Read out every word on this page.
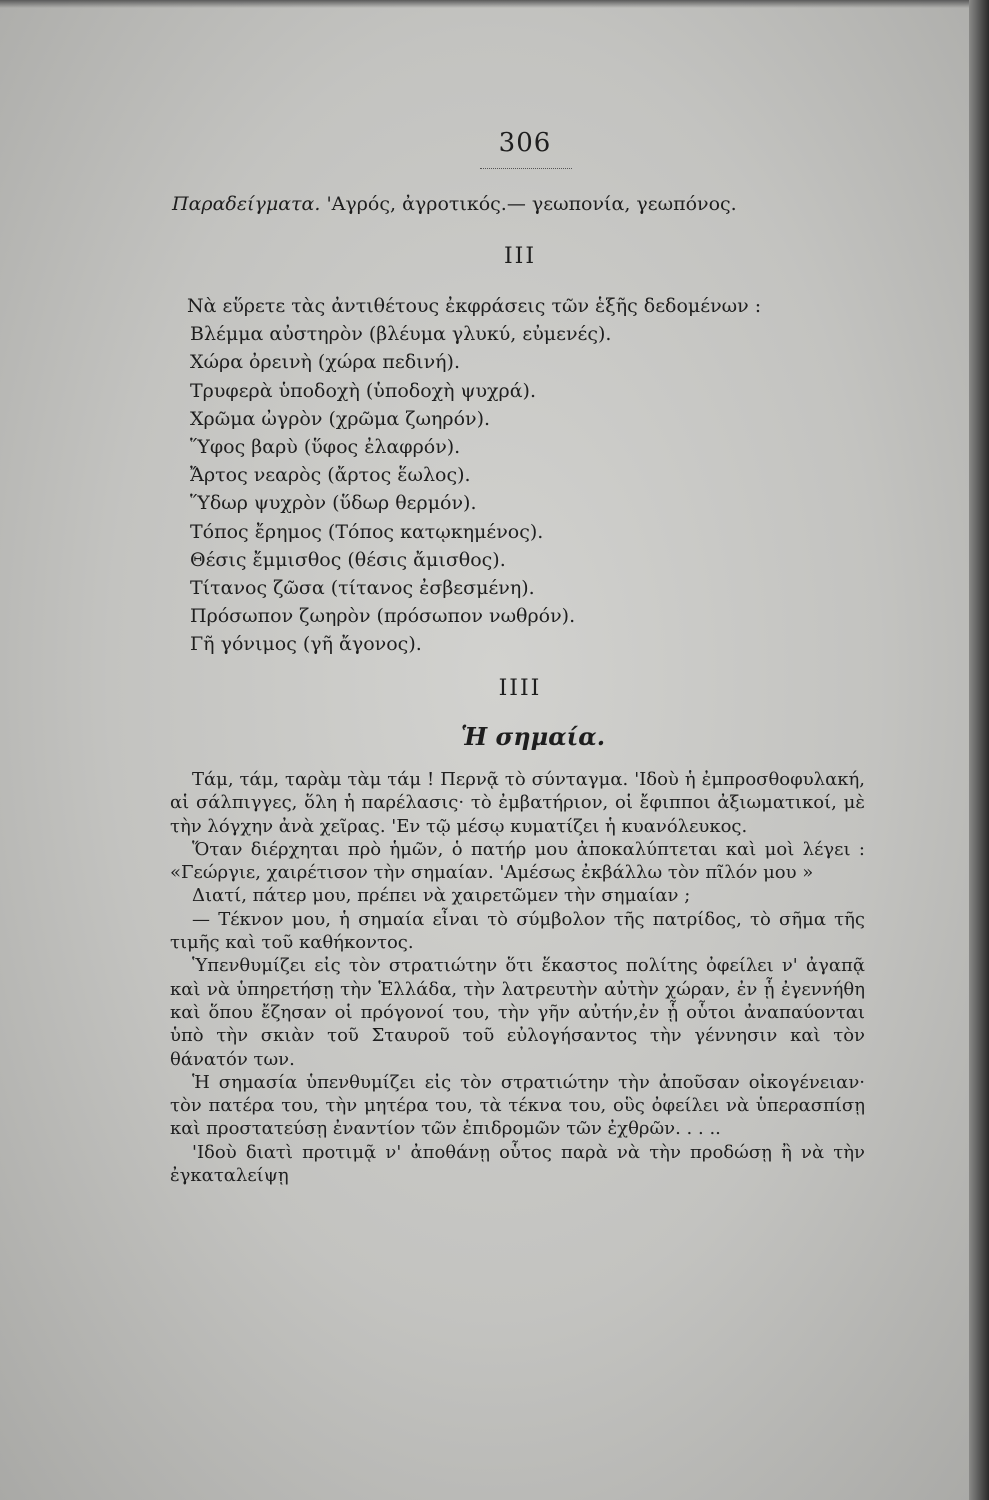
306
Παραδείγματα. 'Αγρός, ἀγροτικός.— γεωπονία, γεωπόνος.
III
Νὰ εὕρετε τὰς ἀντιθέτους ἐκφράσεις τῶν ἑξῆς δεδομένων :
Βλέμμα αὐστηρὸν (βλέυμα γλυκύ, εὐμενές).
Χώρα ὀρεινὴ (χώρα πεδινή).
Τρυφερὰ ὑποδοχὴ (ὑποδοχὴ ψυχρά).
Χρῶμα ὠγρὸν (χρῶμα ζωηρόν).
Ὕφος βαρὺ (ὕφος ἐλαφρόν).
Ἄρτος νεαρὸς (ἄρτος ἕωλος).
Ὕδωρ ψυχρὸν (ὕδωρ θερμόν).
Τόπος ἔρημος (Τόπος κατῳκημένος).
Θέσις ἔμμισθος (θέσις ἄμισθος).
Τίτανος ζῶσα (τίτανος ἐσβεσμένη).
Πρόσωπον ζωηρὸν (πρόσωπον νωθρόν).
Γῆ γόνιμος (γῆ ἄγονος).
IIII
Ἡ σημαία.

Τάμ, τάμ, ταρὰμ τὰμ τάμ ! Περνᾷ τὸ σύνταγμα. 'Ιδοὺ ἡ ἐμπροσθοφυλακή, αἱ σάλπιγγες, ὅλη ἡ παρέλασις· τὸ ἐμβατήριον, οἱ ἔφιπποι ἀξιωματικοί, μὲ τὴν λόγχην ἀνὰ χεῖρας. 'Εν τῷ μέσῳ κυματίζει ἡ κυανόλευκος.

Ὅταν διέρχηται πρὸ ἡμῶν, ὁ πατήρ μου ἀποκαλύπτεται καὶ μοὶ λέγει : «Γεώργιε, χαιρέτισον τὴν σημαίαν. 'Αμέσως ἐκβάλλω τὸν πῖλόν μου »

Διατί, πάτερ μου, πρέπει νὰ χαιρετῶμεν τὴν σημαίαν ;

— Τέκνον μου, ἡ σημαία εἶναι τὸ σύμβολον τῆς πατρίδος, τὸ σῆμα τῆς τιμῆς καὶ τοῦ καθήκοντος.

Ὑπενθυμίζει εἰς τὸν στρατιώτην ὅτι ἕκαστος πολίτης ὀφείλει ν' ἀγαπᾷ καὶ νὰ ὑπηρετήσῃ τὴν Ἑλλάδα, τὴν λατρευτὴν αὐτὴν χώραν, ἐν ᾗ ἐγεννήθη καὶ ὅπου ἔζησαν οἱ πρόγονοί του, τὴν γῆν αὐτήν,ἐν ᾗ οὗτοι ἀναπαύονται ὑπὸ τὴν σκιὰν τοῦ Σταυροῦ τοῦ εὐλογήσαντος τὴν γέννησιν καὶ τὸν θάνατόν των.

Ἡ σημασία ὑπενθυμίζει εἰς τὸν στρατιώτην τὴν ἀποῦσαν οἰκογένειαν· τὸν πατέρα του, τὴν μητέρα του, τὰ τέκνα του, οὓς ὀφείλει νὰ ὑπερασπίσῃ καὶ προστατεύσῃ ἐναντίον τῶν ἐπιδρομῶν τῶν ἐχθρῶν. . . ..

'Ιδοὺ διατὶ προτιμᾷ ν' ἀποθάνῃ οὗτος παρὰ νὰ τὴν προδώσῃ ἢ νὰ τὴν ἐγκαταλείψῃ
